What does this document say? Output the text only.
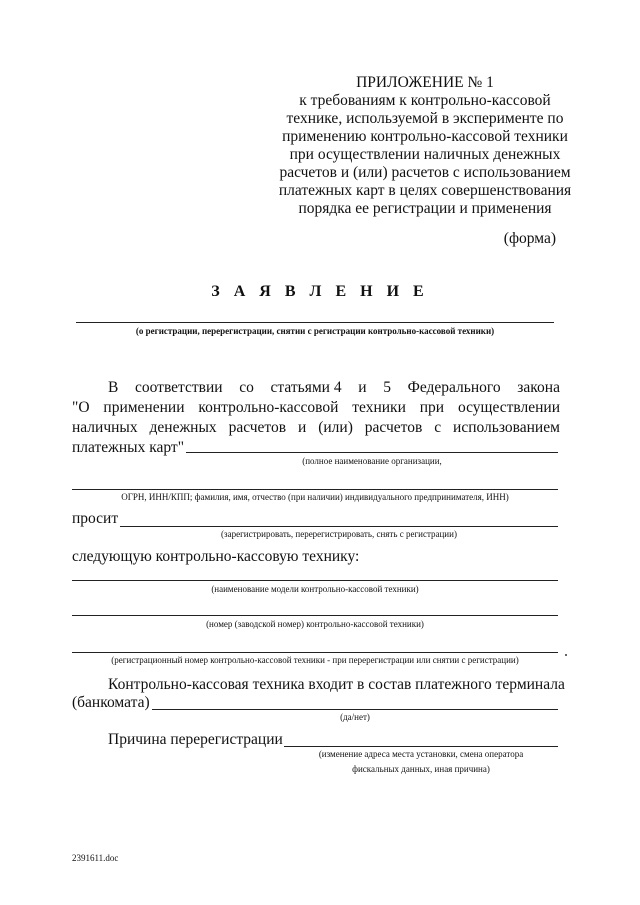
ПРИЛОЖЕНИЕ № 1
к требованиям к контрольно-кассовой
технике, используемой в эксперименте по
применению контрольно-кассовой техники
при осуществлении наличных денежных
расчетов и (или) расчетов с использованием
платежных карт в целях совершенствования
порядка ее регистрации и применения
(форма)
З А Я В Л Е Н И Е
(о регистрации, перерегистрации, снятии с регистрации контрольно-кассовой техники)
В соответствии со статьями 4 и 5 Федерального закона
"О применении контрольно-кассовой техники при осуществлении
наличных денежных расчетов и (или) расчетов с использованием
платежных карт"
(полное наименование организации,
ОГРН, ИНН/КПП; фамилия, имя, отчество (при наличии) индивидуального предпринимателя, ИНН)
просит
(зарегистрировать, перерегистрировать, снять с регистрации)
следующую контрольно-кассовую технику:
(наименование модели контрольно-кассовой техники)
(номер (заводской номер) контрольно-кассовой техники)
(регистрационный номер контрольно-кассовой техники - при перерегистрации или снятии с регистрации)
Контрольно-кассовая техника входит в состав платежного терминала
(банкомата)
(да/нет)
Причина перерегистрации
(изменение адреса места установки, смена оператора
фискальных данных, иная причина)
2391611.doc
